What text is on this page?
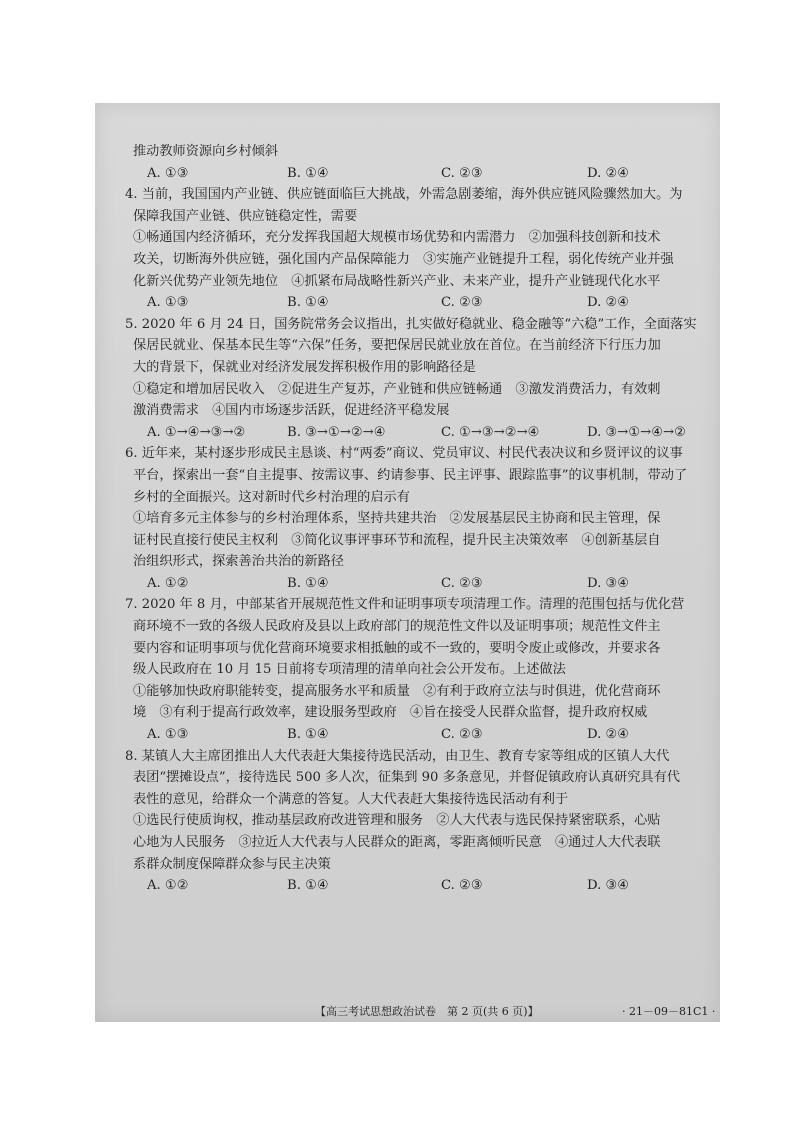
推动教师资源向乡村倾斜
A. ①③	B. ①④	C. ②③	D. ②④
4. 当前，我国国内产业链、供应链面临巨大挑战，外需急剧萎缩，海外供应链风险骤然加大。为
保障我国产业链、供应链稳定性，需要
①畅通国内经济循环，充分发挥我国超大规模市场优势和内需潜力　②加强科技创新和技术
攻关，切断海外供应链，强化国内产品保障能力　③实施产业链提升工程，弱化传统产业并强
化新兴优势产业领先地位　④抓紧布局战略性新兴产业、未来产业，提升产业链现代化水平
A. ①③	B. ①④	C. ②③	D. ②④
5. 2020 年 6 月 24 日，国务院常务会议指出，扎实做好稳就业、稳金融等“六稳”工作，全面落实
保居民就业、保基本民生等“六保”任务，要把保居民就业放在首位。在当前经济下行压力加
大的背景下，保就业对经济发展发挥积极作用的影响路径是
①稳定和增加居民收入　②促进生产复苏，产业链和供应链畅通　③激发消费活力，有效刺
激消费需求　④国内市场逐步活跃，促进经济平稳发展
A. ①→④→③→②	B. ③→①→②→④	C. ①→③→②→④	D. ③→①→④→②
6. 近年来，某村逐步形成民主恳谈、村“两委”商议、党员审议、村民代表决议和乡贤评议的议事
平台，探索出一套“自主提事、按需议事、约请参事、民主评事、跟踪监事”的议事机制，带动了
乡村的全面振兴。这对新时代乡村治理的启示有
①培育多元主体参与的乡村治理体系，坚持共建共治　②发展基层民主协商和民主管理，保
证村民直接行使民主权利　③简化议事评事环节和流程，提升民主决策效率　④创新基层自
治组织形式，探索善治共治的新路径
A. ①②	B. ①④	C. ②③	D. ③④
7. 2020 年 8 月，中部某省开展规范性文件和证明事项专项清理工作。清理的范围包括与优化营
商环境不一致的各级人民政府及县以上政府部门的规范性文件以及证明事项；规范性文件主
要内容和证明事项与优化营商环境要求相抵触的或不一致的，要明令废止或修改，并要求各
级人民政府在 10 月 15 日前将专项清理的清单向社会公开发布。上述做法
①能够加快政府职能转变，提高服务水平和质量　②有利于政府立法与时俱进，优化营商环
境　③有利于提高行政效率，建设服务型政府　④旨在接受人民群众监督，提升政府权威
A. ①③	B. ①④	C. ②③	D. ②④
8. 某镇人大主席团推出人大代表赶大集接待选民活动，由卫生、教育专家等组成的区镇人大代
表团“摆摊设点”，接待选民 500 多人次，征集到 90 多条意见，并督促镇政府认真研究具有代
表性的意见，给群众一个满意的答复。人大代表赶大集接待选民活动有利于
①选民行使质询权，推动基层政府改进管理和服务　②人大代表与选民保持紧密联系，心贴
心地为人民服务　③拉近人大代表与人民群众的距离，零距离倾听民意　④通过人大代表联
系群众制度保障群众参与民主决策
A. ①②	B. ①④	C. ②③	D. ③④
【高三考试思想政治试卷　第 2 页(共 6 页)】	· 21－09－81C1 ·
